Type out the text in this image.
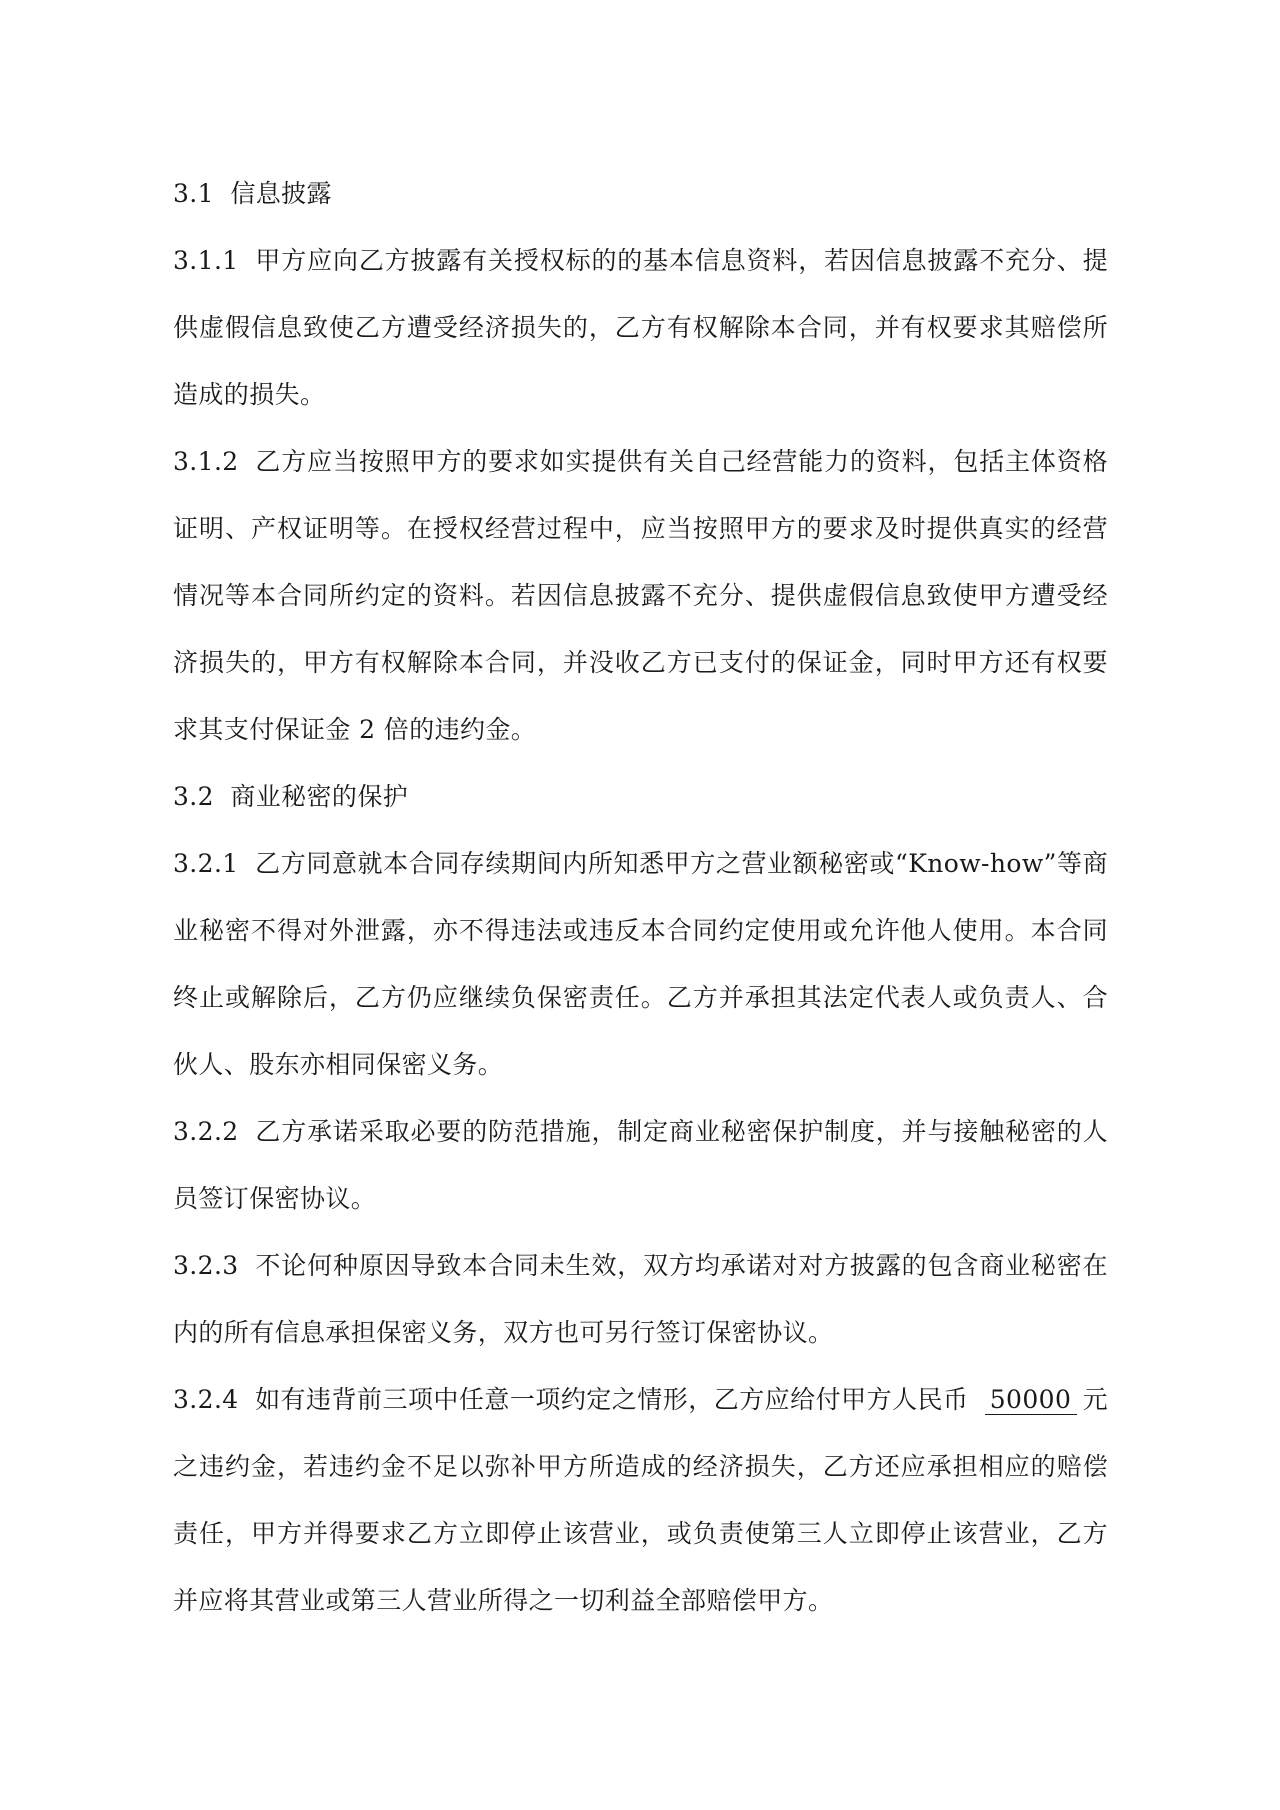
3.1 信息披露

3.1.1 甲方应向乙方披露有关授权标的的基本信息资料，若因信息披露不充分、提供虚假信息致使乙方遭受经济损失的，乙方有权解除本合同，并有权要求其赔偿所造成的损失。

3.1.2 乙方应当按照甲方的要求如实提供有关自己经营能力的资料，包括主体资格证明、产权证明等。在授权经营过程中，应当按照甲方的要求及时提供真实的经营情况等本合同所约定的资料。若因信息披露不充分、提供虚假信息致使甲方遭受经济损失的，甲方有权解除本合同，并没收乙方已支付的保证金，同时甲方还有权要求其支付保证金 2 倍的违约金。

3.2 商业秘密的保护

3.2.1 乙方同意就本合同存续期间内所知悉甲方之营业额秘密或“Know-how”等商业秘密不得对外泄露，亦不得违法或违反本合同约定使用或允许他人使用。本合同终止或解除后，乙方仍应继续负保密责任。乙方并承担其法定代表人或负责人、合伙人、股东亦相同保密义务。

3.2.2 乙方承诺采取必要的防范措施，制定商业秘密保护制度，并与接触秘密的人员签订保密协议。

3.2.3 不论何种原因导致本合同未生效，双方均承诺对对方披露的包含商业秘密在内的所有信息承担保密义务，双方也可另行签订保密协议。

3.2.4 如有违背前三项中任意一项约定之情形，乙方应给付甲方人民币 50000 元之违约金，若违约金不足以弥补甲方所造成的经济损失，乙方还应承担相应的赔偿责任，甲方并得要求乙方立即停止该营业，或负责使第三人立即停止该营业，乙方并应将其营业或第三人营业所得之一切利益全部赔偿甲方。
